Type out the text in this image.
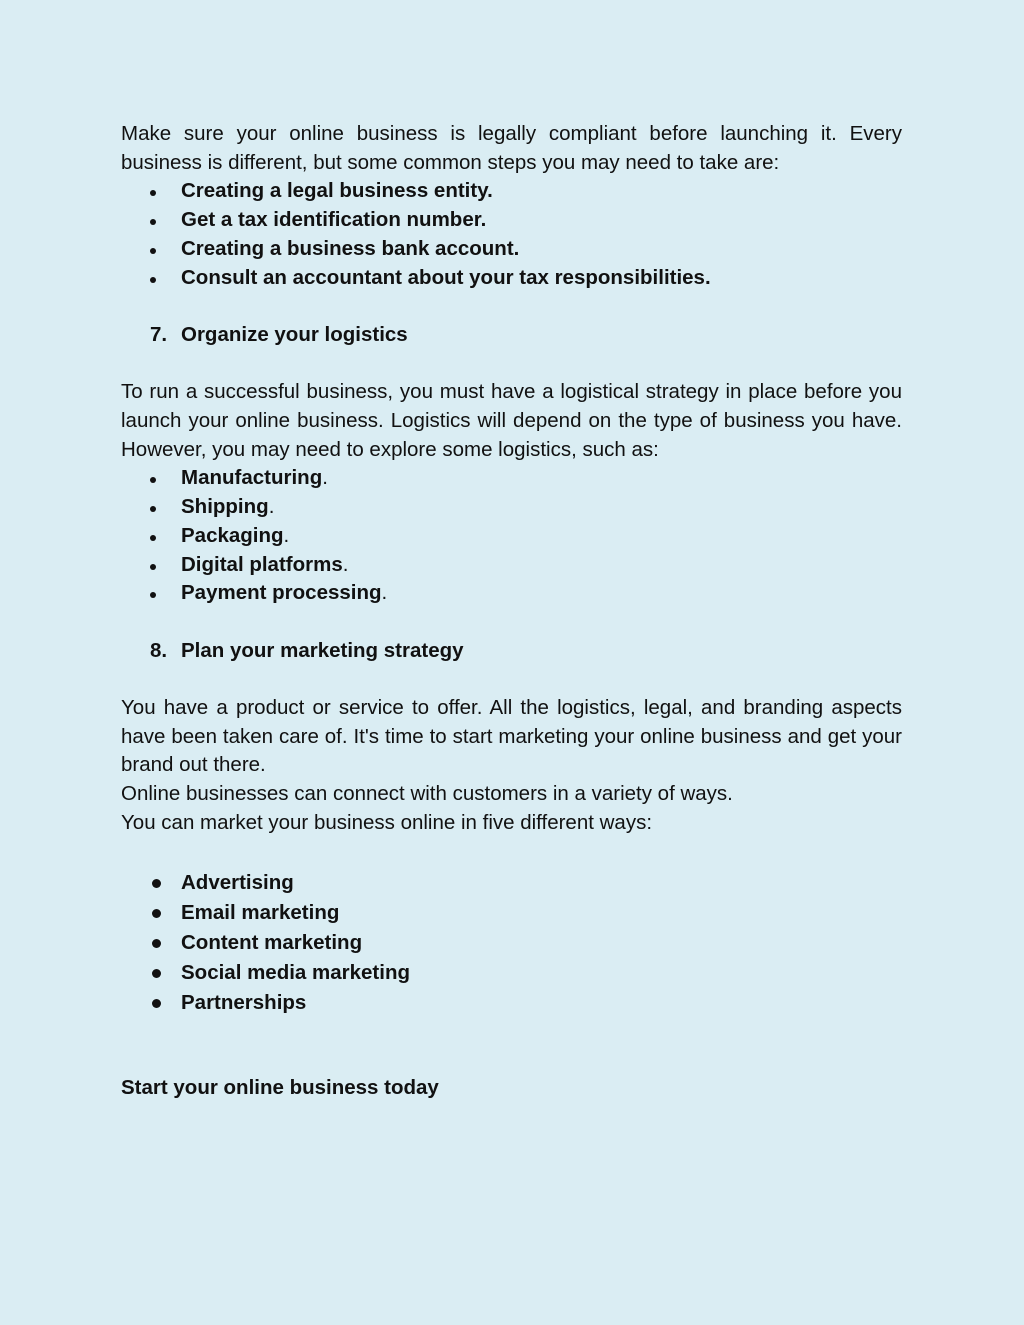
Make sure your online business is legally compliant before launching it. Every business is different, but some common steps you may need to take are:

Creating a legal business entity.
Get a tax identification number.
Creating a business bank account.
Consult an accountant about your tax responsibilities.

7. Organize your logistics

To run a successful business, you must have a logistical strategy in place before you launch your online business. Logistics will depend on the type of business you have. However, you may need to explore some logistics, such as:

Manufacturing.
Shipping.
Packaging.
Digital platforms.
Payment processing.

8. Plan your marketing strategy

You have a product or service to offer. All the logistics, legal, and branding aspects have been taken care of. It's time to start marketing your online business and get your brand out there.

Online businesses can connect with customers in a variety of ways.

You can market your business online in five different ways:

Advertising
Email marketing
Content marketing
Social media marketing
Partnerships

Start your online business today
